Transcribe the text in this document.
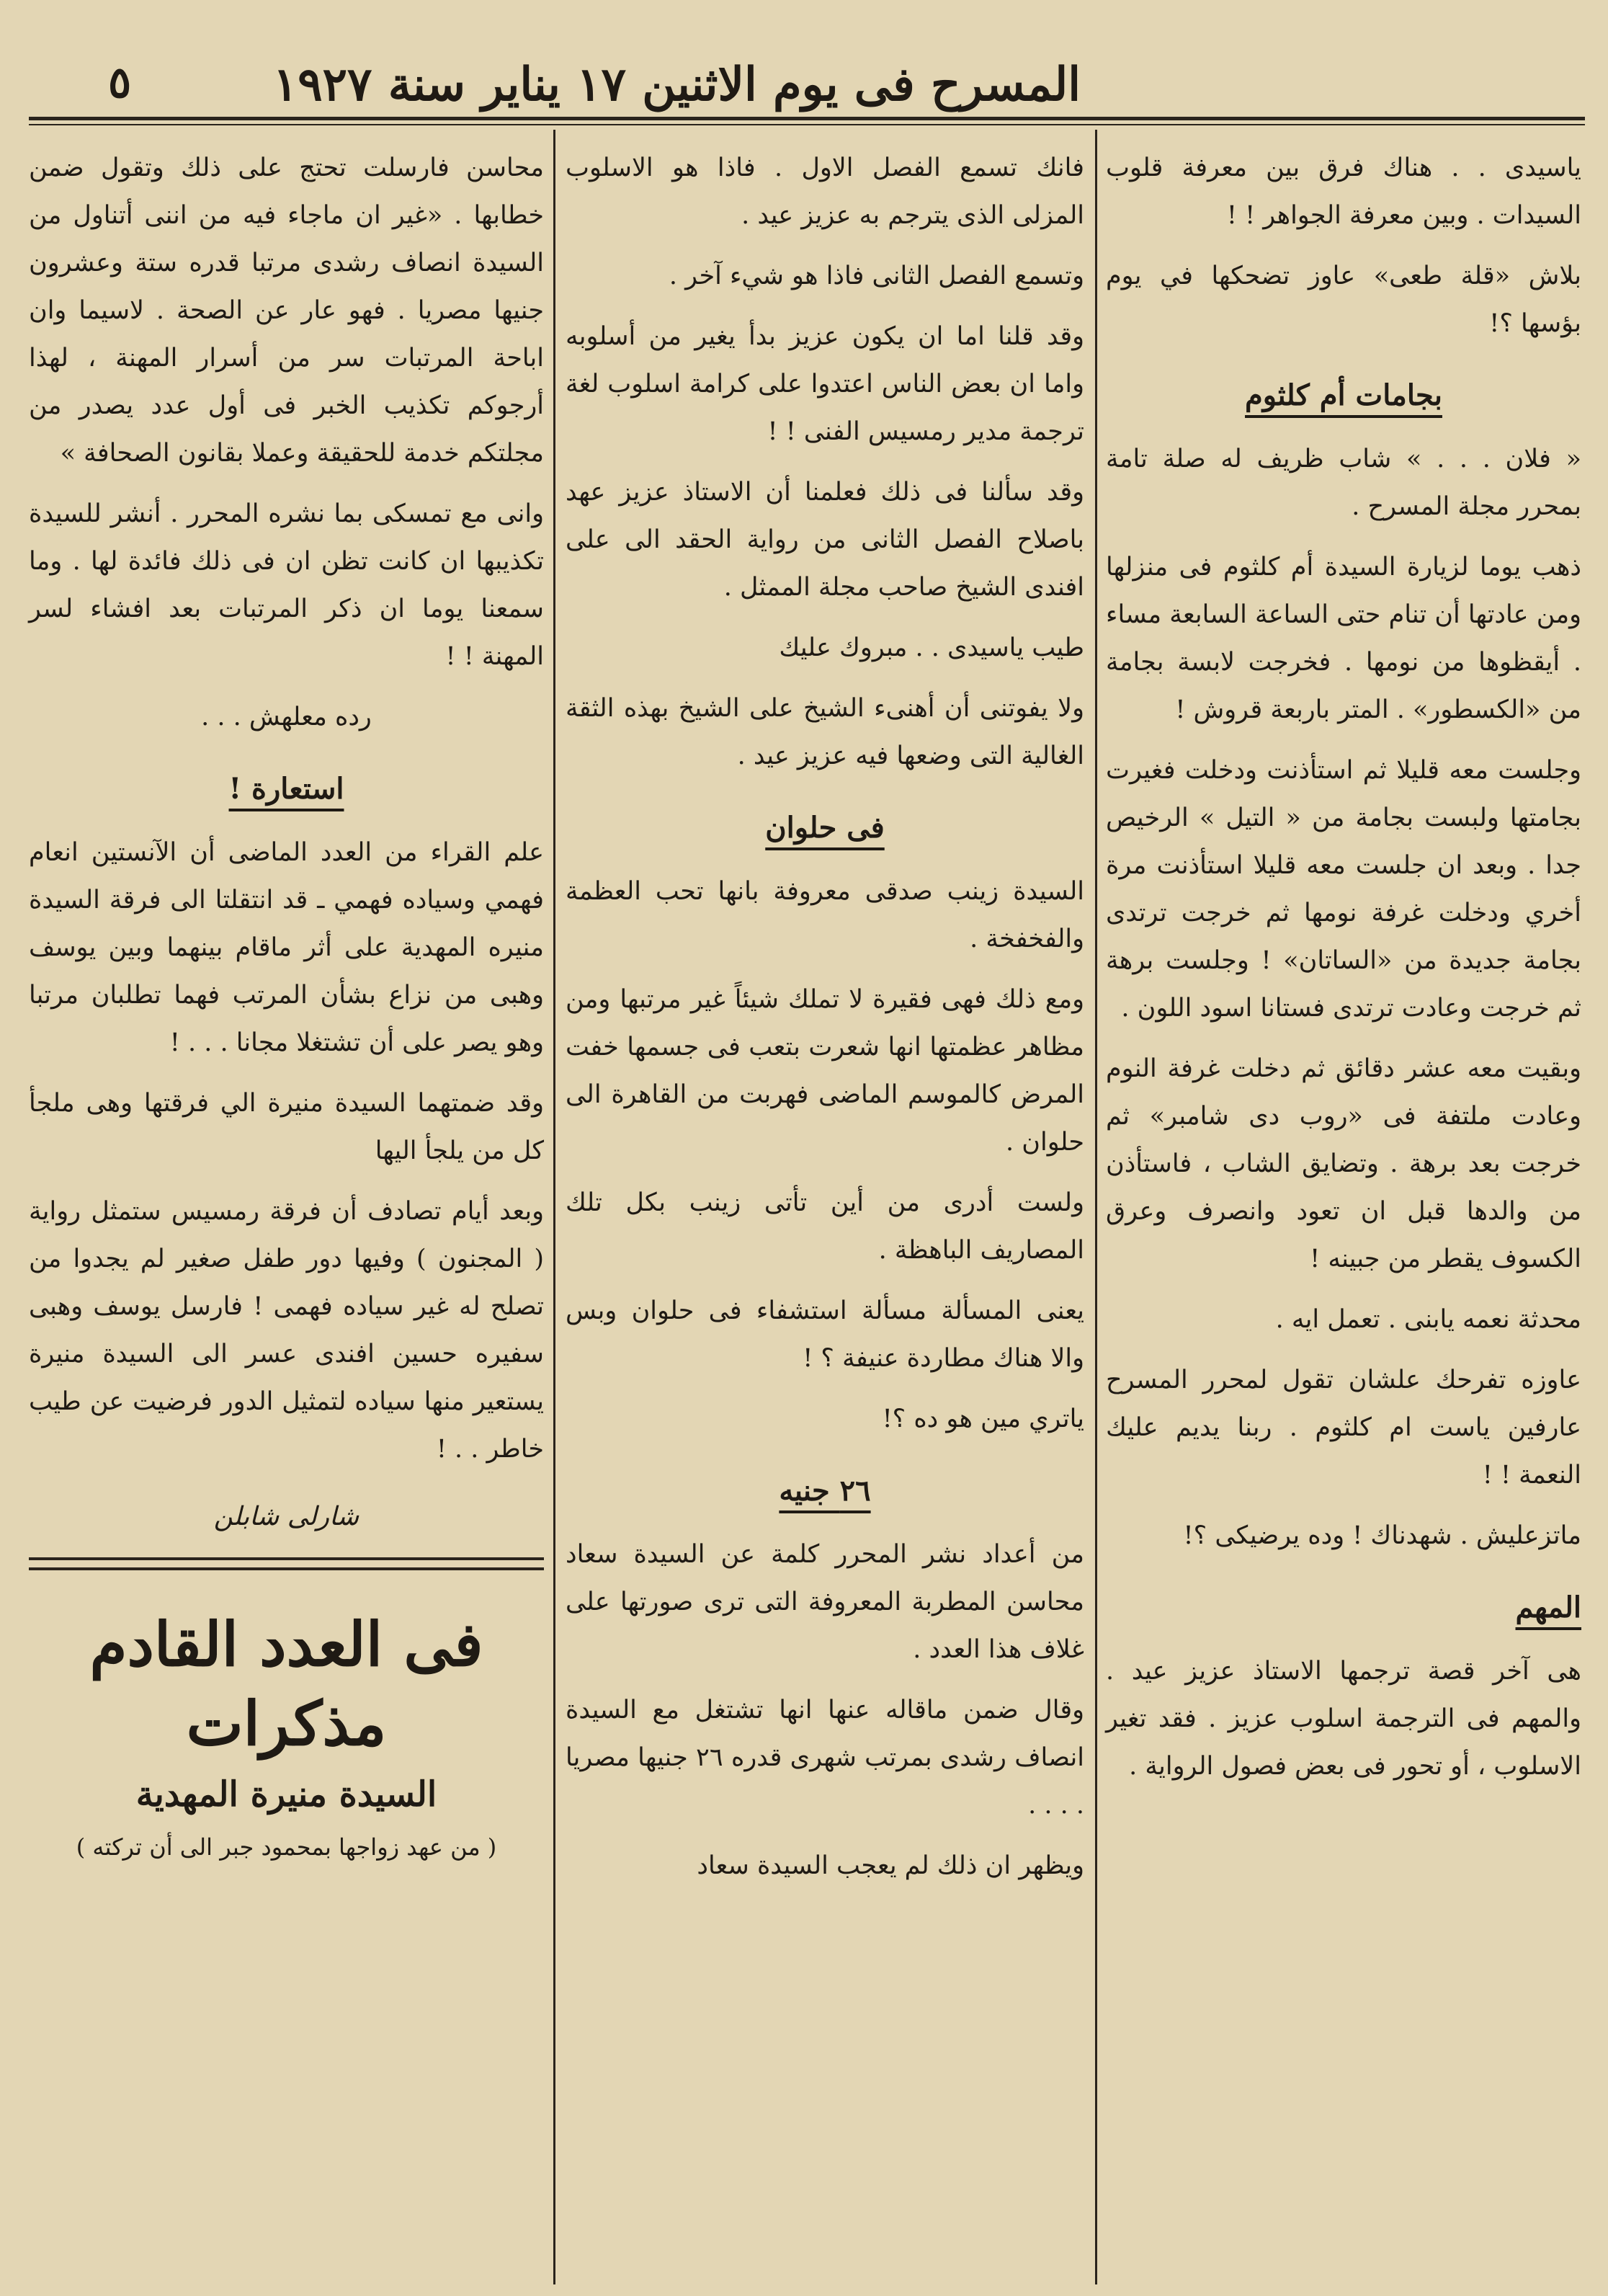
المسرح فى يوم الاثنين ١٧ يناير سنة ١٩٢٧
٥

ياسيدى . . هناك فرق بين معرفة قلوب السيدات . وبين معرفة الجواهر ! !

بلاش «قلة طعى» عاوز تضحكها في يوم بؤسها ؟!

بجامات أم كلثوم

« فلان . . . » شاب ظريف له صلة تامة بمحرر مجلة المسرح .

ذهب يوما لزيارة السيدة أم كلثوم فى منزلها ومن عادتها أن تنام حتى الساعة السابعة مساء . أيقظوها من نومها . فخرجت لابسة بجامة من «الكسطور» . المتر باربعة قروش !

وجلست معه قليلا ثم استأذنت ودخلت فغيرت بجامتها ولبست بجامة من « التيل » الرخيص جدا . وبعد ان جلست معه قليلا استأذنت مرة أخري ودخلت غرفة نومها ثم خرجت ترتدى بجامة جديدة من «الساتان» ! وجلست برهة ثم خرجت وعادت ترتدى فستانا اسود اللون .

وبقيت معه عشر دقائق ثم دخلت غرفة النوم وعادت ملتفة فى «روب دى شامبر» ثم خرجت بعد برهة . وتضايق الشاب ، فاستأذن من والدها قبل ان تعود وانصرف وعرق الكسوف يقطر من جبينه !

محدثة نعمه يابنى . تعمل ايه .

عاوزه تفرحك علشان تقول لمحرر المسرح عارفين ياست ام كلثوم . ربنا يديم عليك النعمة ! !

ماتزعليش . شهدناك ! وده يرضيكى ؟!

المهم

هى آخر قصة ترجمها الاستاذ عزيز عيد . والمهم فى الترجمة اسلوب عزيز . فقد تغير الاسلوب ، أو تحور فى بعض فصول الرواية .

فانك تسمع الفصل الاول . فاذا هو الاسلوب المزلى الذى يترجم به عزيز عيد .

وتسمع الفصل الثانى فاذا هو شيء آخر .

وقد قلنا اما ان يكون عزيز بدأ يغير من أسلوبه واما ان بعض الناس اعتدوا على كرامة اسلوب لغة ترجمة مدير رمسيس الفنى ! !

وقد سألنا فى ذلك فعلمنا أن الاستاذ عزيز عهد باصلاح الفصل الثانى من رواية الحقد الى على افندى الشيخ صاحب مجلة الممثل .

طيب ياسيدى . . مبروك عليك

ولا يفوتنى أن أهنىء الشيخ على الشيخ بهذه الثقة الغالية التى وضعها فيه عزيز عيد .

فى حلوان

السيدة زينب صدقى معروفة بانها تحب العظمة والفخفخة .

ومع ذلك فهى فقيرة لا تملك شيئاً غير مرتبها ومن مظاهر عظمتها انها شعرت بتعب فى جسمها خفت المرض كالموسم الماضى فهربت من القاهرة الى حلوان .

ولست أدرى من أين تأتى زينب بكل تلك المصاريف الباهظة .

يعنى المسألة مسألة استشفاء فى حلوان وبس والا هناك مطاردة عنيفة ؟ !

ياتري مين هو ده ؟!

٢٦ جنيه

من أعداد نشر المحرر كلمة عن السيدة سعاد محاسن المطربة المعروفة التى ترى صورتها على غلاف هذا العدد .

وقال ضمن ماقاله عنها انها تشتغل مع السيدة انصاف رشدى بمرتب شهرى قدره ٢٦ جنيها مصريا . . . .

ويظهر ان ذلك لم يعجب السيدة سعاد

محاسن فارسلت تحتج على ذلك وتقول ضمن خطابها . «غير ان ماجاء فيه من اننى أتناول من السيدة انصاف رشدى مرتبا قدره ستة وعشرون جنيها مصريا . فهو عار عن الصحة . لاسيما وان اباحة المرتبات سر من أسرار المهنة ، لهذا أرجوكم تكذيب الخبر فى أول عدد يصدر من مجلتكم خدمة للحقيقة وعملا بقانون الصحافة »

وانى مع تمسكى بما نشره المحرر . أنشر للسيدة تكذيبها ان كانت تظن ان فى ذلك فائدة لها . وما سمعنا يوما ان ذكر المرتبات بعد افشاء لسر المهنة ! !

رده معلهش . . .

استعارة !

علم القراء من العدد الماضى أن الآنستين انعام فهمي وسياده فهمي ـ قد انتقلتا الى فرقة السيدة منيره المهدية على أثر ماقام بينهما وبين يوسف وهبى من نزاع بشأن المرتب فهما تطلبان مرتبا وهو يصر على أن تشتغلا مجانا . . . !

وقد ضمتهما السيدة منيرة الي فرقتها وهى ملجأ كل من يلجأ اليها

وبعد أيام تصادف أن فرقة رمسيس ستمثل رواية ( المجنون ) وفيها دور طفل صغير لم يجدوا من تصلح له غير سياده فهمى ! فارسل يوسف وهبى سفيره حسين افندى عسر الى السيدة منيرة يستعير منها سياده لتمثيل الدور فرضيت عن طيب خاطر . . !

شارلى شابلن
فى العدد القادم
مذكرات
السيدة منيرة المهدية
( من عهد زواجها بمحمود جبر الى أن تركته )
